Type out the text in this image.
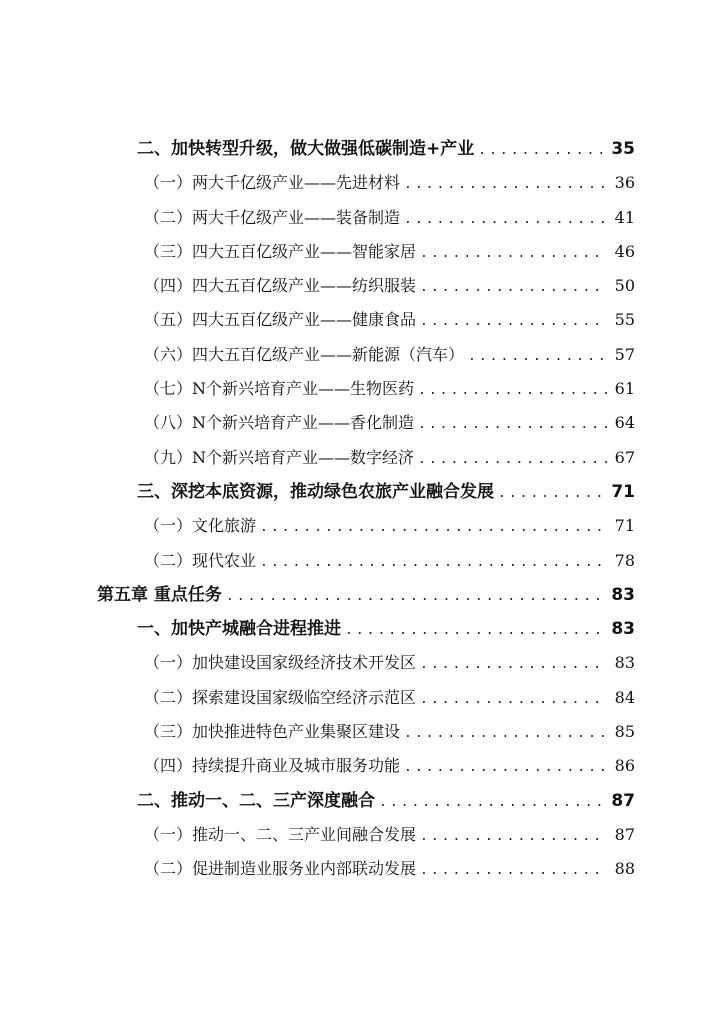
二、加快转型升级，做大做强低碳制造+产业 .....	35
（一）两大千亿级产业——先进材料 .....	36
（二）两大千亿级产业——装备制造 .....	41
（三）四大五百亿级产业——智能家居 .....	46
（四）四大五百亿级产业——纺织服装 .....	50
（五）四大五百亿级产业——健康食品 .....	55
（六）四大五百亿级产业——新能源（汽车） .....	57
（七）N个新兴培育产业——生物医药 .....	61
（八）N个新兴培育产业——香化制造 .....	64
（九）N个新兴培育产业——数字经济 .....	67
三、深挖本底资源，推动绿色农旅产业融合发展 .....	71
（一）文化旅游 .....	71
（二）现代农业 .....	78
第五章 重点任务 .....	83
一、加快产城融合进程推进 .....	83
（一）加快建设国家级经济技术开发区 .....	83
（二）探索建设国家级临空经济示范区 .....	84
（三）加快推进特色产业集聚区建设 .....	85
（四）持续提升商业及城市服务功能 .....	86
二、推动一、二、三产深度融合 .....	87
（一）推动一、二、三产业间融合发展 .....	87
（二）促进制造业服务业内部联动发展 .....	88
